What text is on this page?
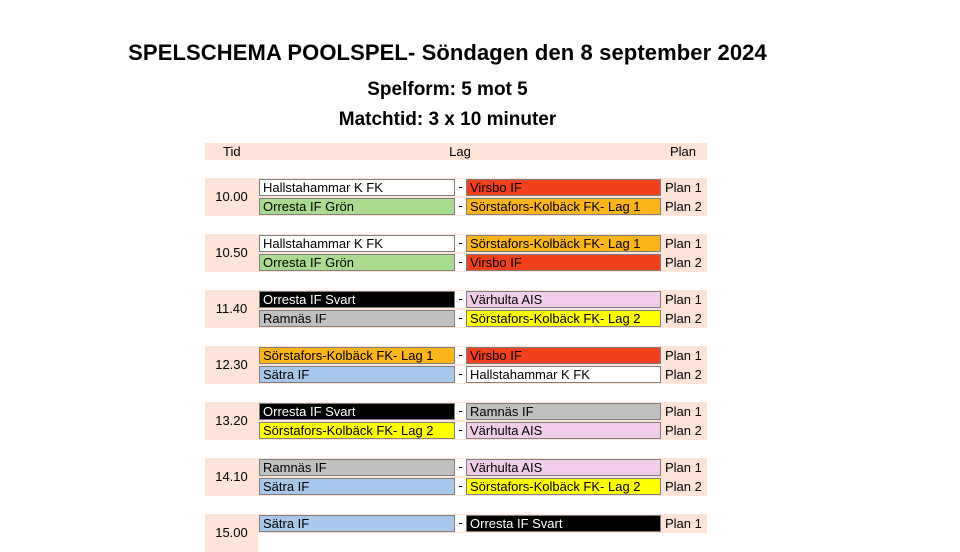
SPELSCHEMA POOLSPEL- Söndagen den 8 september 2024
Spelform: 5 mot 5
Matchtid: 3 x 10 minuter
Tid	Lag	Plan
10.00
Hallstahammar K FK	- Virsbo IF	Plan 1
Orresta IF Grön	- Sörstafors-Kolbäck FK- Lag 1	Plan 2
10.50
Hallstahammar K FK	- Sörstafors-Kolbäck FK- Lag 1	Plan 1
Orresta IF Grön	- Virsbo IF	Plan 2
11.40
Orresta IF Svart	- Värhulta AIS	Plan 1
Ramnäs IF	- Sörstafors-Kolbäck FK- Lag 2	Plan 2
12.30
Sörstafors-Kolbäck FK- Lag 1	- Virsbo IF	Plan 1
Sätra IF	- Hallstahammar K FK	Plan 2
13.20
Orresta IF Svart	- Ramnäs IF	Plan 1
Sörstafors-Kolbäck FK- Lag 2	- Värhulta AIS	Plan 2
14.10
Ramnäs IF	- Värhulta AIS	Plan 1
Sätra IF	- Sörstafors-Kolbäck FK- Lag 2	Plan 2
15.00
Sätra IF	- Orresta IF Svart	Plan 1
